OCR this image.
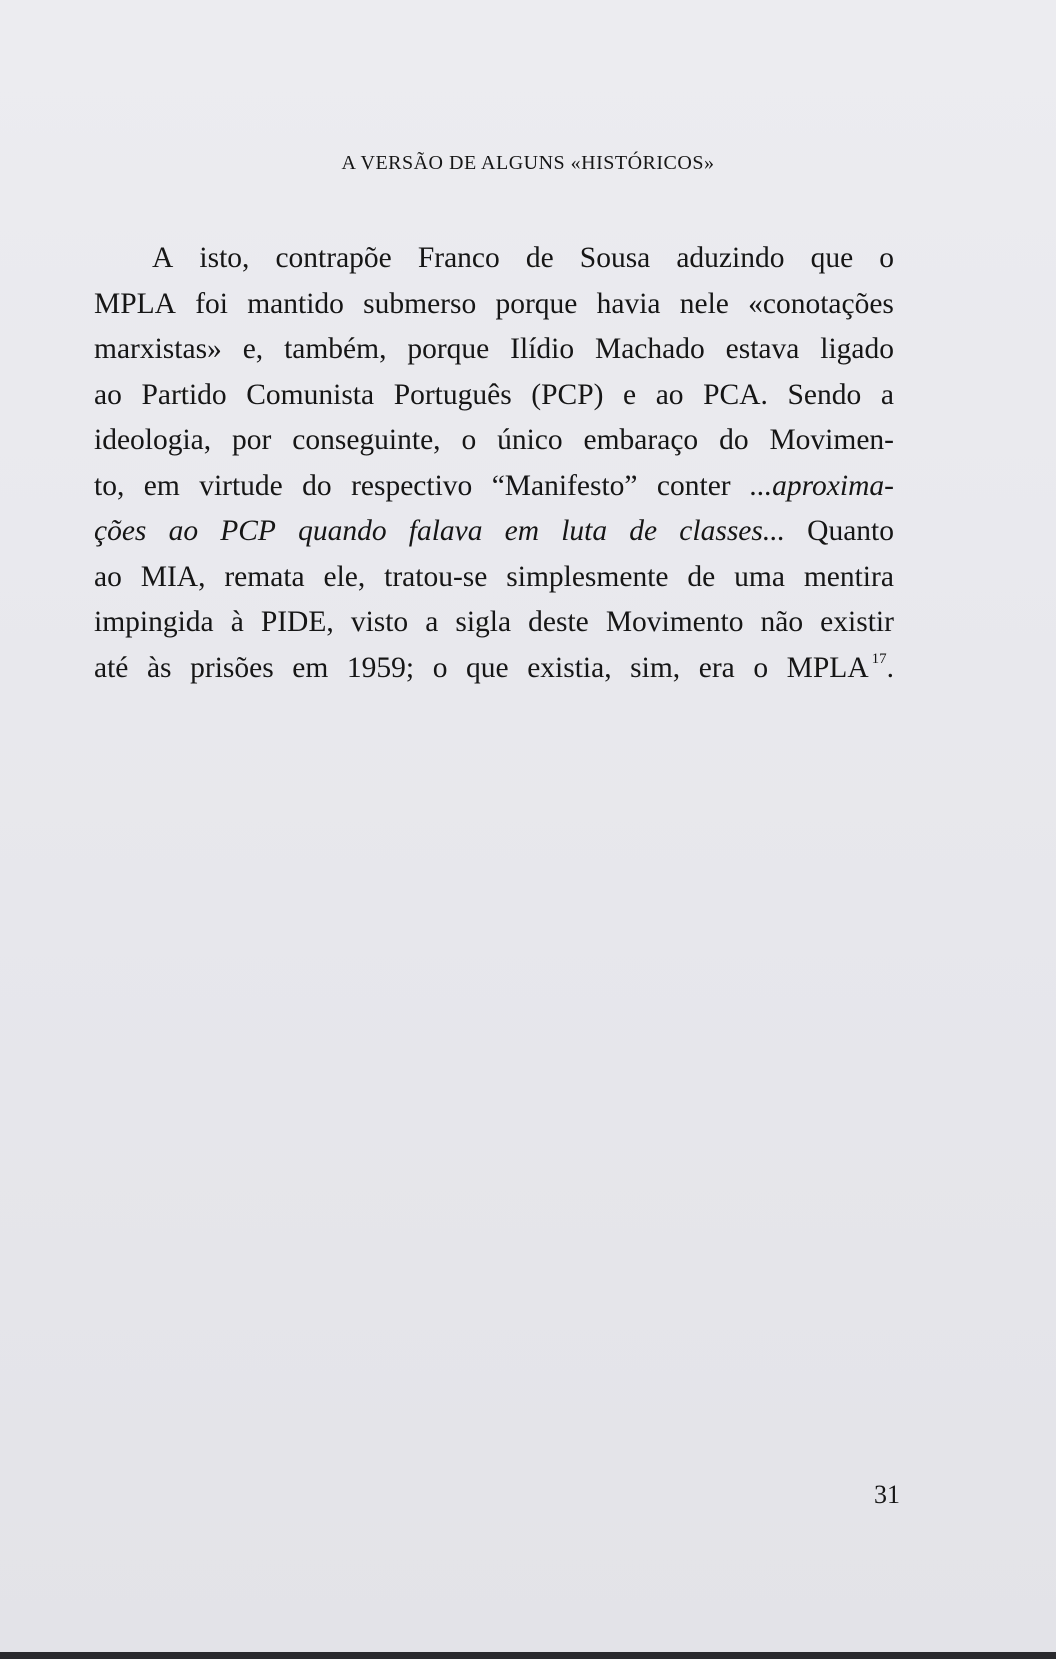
A VERSÃO DE ALGUNS «HISTÓRICOS»
A isto, contrapõe Franco de Sousa aduzindo que o
MPLA foi mantido submerso porque havia nele «conotações
marxistas» e, também, porque Ilídio Machado estava ligado
ao Partido Comunista Português (PCP) e ao PCA. Sendo a
ideologia, por conseguinte, o único embaraço do Movimen-
to, em virtude do respectivo “Manifesto” conter ...aproxima-
ções ao PCP quando falava em luta de classes... Quanto
ao MIA, remata ele, tratou-se simplesmente de uma mentira
impingida à PIDE, visto a sigla deste Movimento não existir
até às prisões em 1959; o que existia, sim, era o MPLA $^{17}$.
31
